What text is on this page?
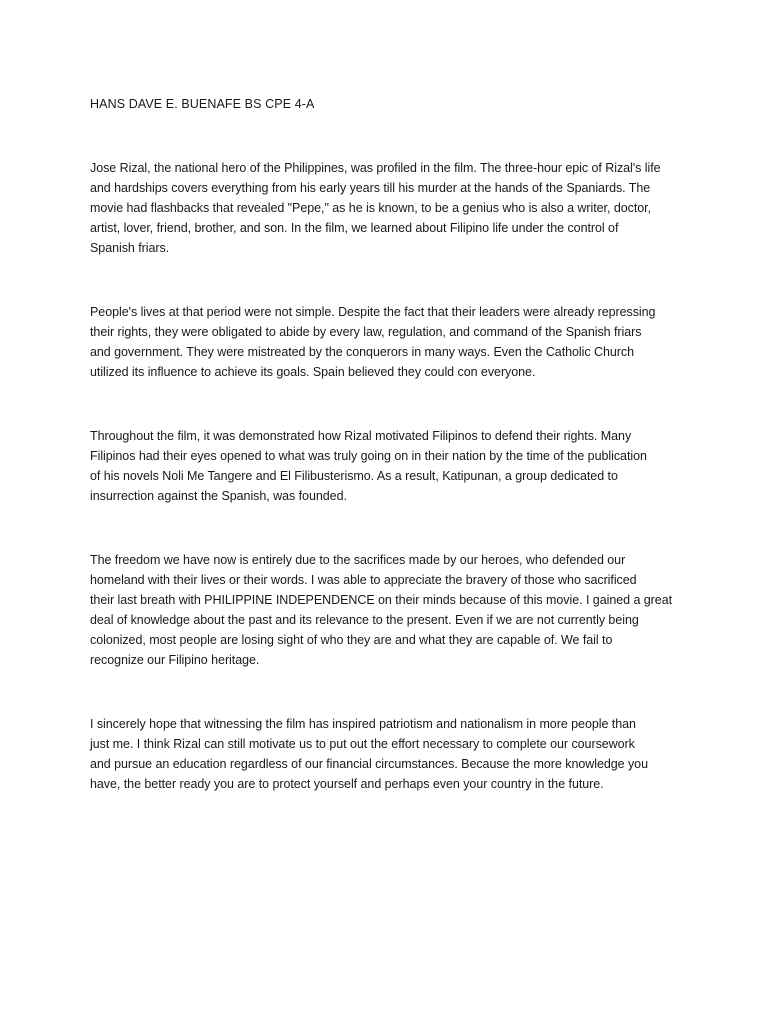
HANS DAVE E. BUENAFE BS CPE 4-A

Jose Rizal, the national hero of the Philippines, was profiled in the film. The three-hour epic of Rizal's life
and hardships covers everything from his early years till his murder at the hands of the Spaniards. The
movie had flashbacks that revealed "Pepe," as he is known, to be a genius who is also a writer, doctor,
artist, lover, friend, brother, and son. In the film, we learned about Filipino life under the control of
Spanish friars.

People's lives at that period were not simple. Despite the fact that their leaders were already repressing
their rights, they were obligated to abide by every law, regulation, and command of the Spanish friars
and government. They were mistreated by the conquerors in many ways. Even the Catholic Church
utilized its influence to achieve its goals. Spain believed they could con everyone.

Throughout the film, it was demonstrated how Rizal motivated Filipinos to defend their rights. Many
Filipinos had their eyes opened to what was truly going on in their nation by the time of the publication
of his novels Noli Me Tangere and El Filibusterismo. As a result, Katipunan, a group dedicated to
insurrection against the Spanish, was founded.

The freedom we have now is entirely due to the sacrifices made by our heroes, who defended our
homeland with their lives or their words. I was able to appreciate the bravery of those who sacrificed
their last breath with PHILIPPINE INDEPENDENCE on their minds because of this movie. I gained a great
deal of knowledge about the past and its relevance to the present. Even if we are not currently being
colonized, most people are losing sight of who they are and what they are capable of. We fail to
recognize our Filipino heritage.

I sincerely hope that witnessing the film has inspired patriotism and nationalism in more people than
just me. I think Rizal can still motivate us to put out the effort necessary to complete our coursework
and pursue an education regardless of our financial circumstances. Because the more knowledge you
have, the better ready you are to protect yourself and perhaps even your country in the future.
